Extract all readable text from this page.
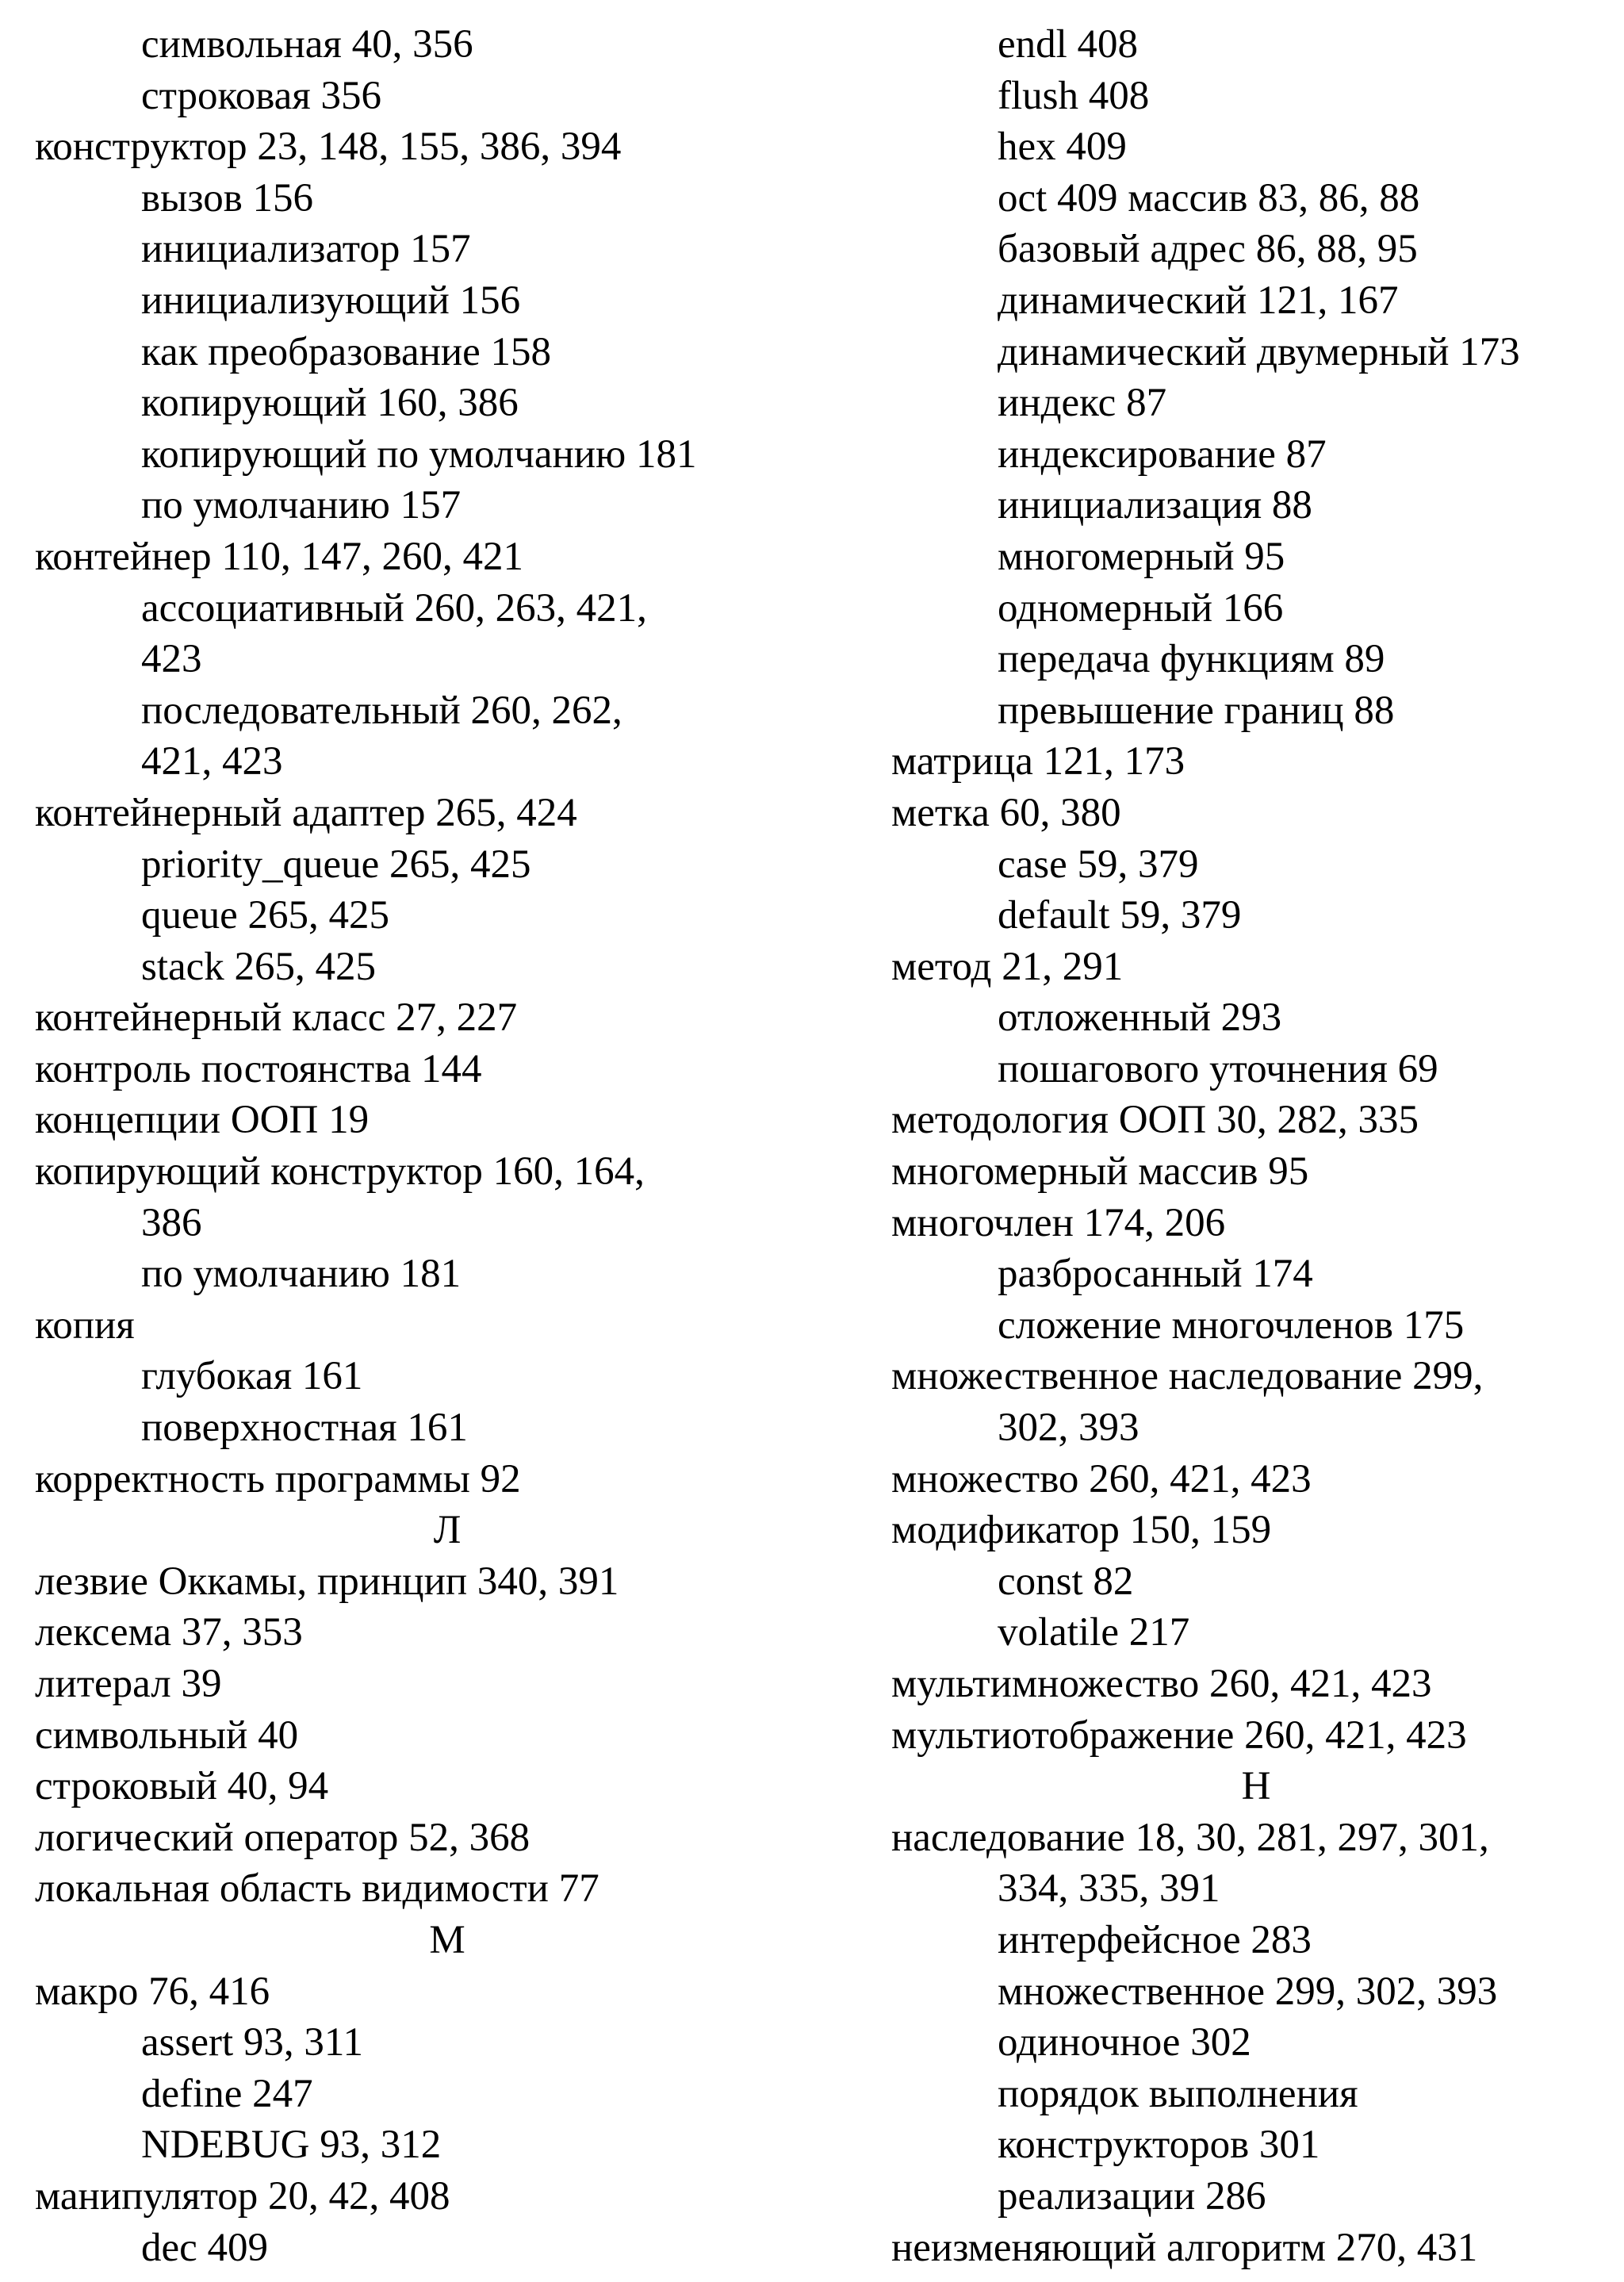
символьная 40, 356
строковая 356
конструктор 23, 148, 155, 386, 394
вызов 156
инициализатор 157
инициализующий 156
как преобразование 158
копирующий 160, 386
копирующий по умолчанию 181
по умолчанию 157
контейнер 110, 147, 260, 421
ассоциативный 260, 263, 421,
423
последовательный 260, 262,
421, 423
контейнерный адаптер 265, 424
priority_queue 265, 425
queue 265, 425
stack 265, 425
контейнерный класс 27, 227
контроль постоянства 144
концепции ООП 19
копирующий конструктор 160, 164,
386
по умолчанию 181
копия
глубокая 161
поверхностная 161
корректность программы 92
Л
лезвие Оккамы, принцип 340, 391
лексема 37, 353
литерал 39
символьный 40
строковый 40, 94
логический оператор 52, 368
локальная область видимости 77
М
макро 76, 416
assert 93, 311
define 247
NDEBUG 93, 312
манипулятор 20, 42, 408
dec 409
endl 408
flush 408
hex 409
oct 409 массив 83, 86, 88
базовый адрес 86, 88, 95
динамический 121, 167
динамический двумерный 173
индекс 87
индексирование 87
инициализация 88
многомерный 95
одномерный 166
передача функциям 89
превышение границ 88
матрица 121, 173
метка 60, 380
case 59, 379
default 59, 379
метод 21, 291
отложенный 293
пошагового уточнения 69
методология ООП 30, 282, 335
многомерный массив 95
многочлен 174, 206
разбросанный 174
сложение многочленов 175
множественное наследование 299,
302, 393
множество 260, 421, 423
модификатор 150, 159
const 82
volatile 217
мультимножество 260, 421, 423
мультиотображение 260, 421, 423
Н
наследование 18, 30, 281, 297, 301,
334, 335, 391
интерфейсное 283
множественное 299, 302, 393
одиночное 302
порядок выполнения
конструкторов 301
реализации 286
неизменяющий алгоритм 270, 431
